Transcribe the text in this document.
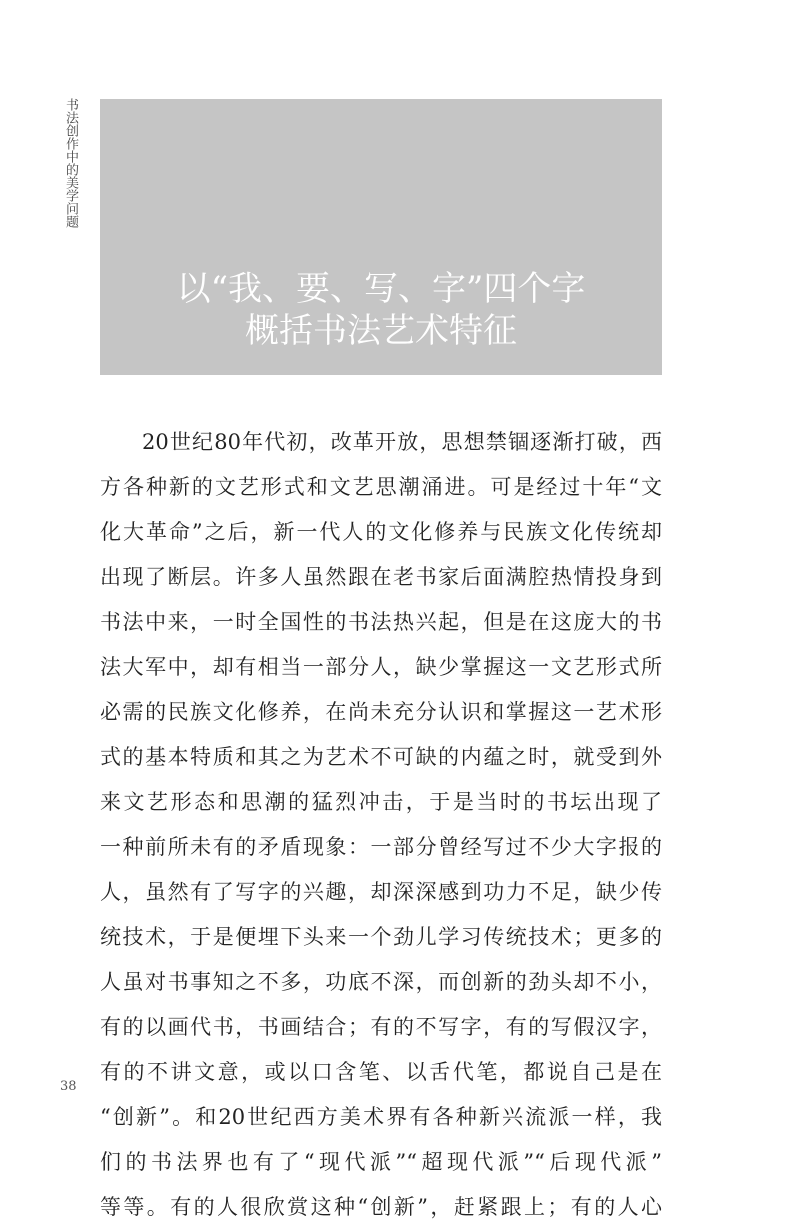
书法创作中的美学问题
以“我、要、写、字”四个字
概括书法艺术特征
20世纪80年代初，改革开放，思想禁锢逐渐打破，西
方各种新的文艺形式和文艺思潮涌进。可是经过十年“文
化大革命”之后，新一代人的文化修养与民族文化传统却
出现了断层。许多人虽然跟在老书家后面满腔热情投身到
书法中来，一时全国性的书法热兴起，但是在这庞大的书
法大军中，却有相当一部分人，缺少掌握这一文艺形式所
必需的民族文化修养，在尚未充分认识和掌握这一艺术形
式的基本特质和其之为艺术不可缺的内蕴之时，就受到外
来文艺形态和思潮的猛烈冲击，于是当时的书坛出现了
一种前所未有的矛盾现象：一部分曾经写过不少大字报的
人，虽然有了写字的兴趣，却深深感到功力不足，缺少传
统技术，于是便埋下头来一个劲儿学习传统技术；更多的
人虽对书事知之不多，功底不深，而创新的劲头却不小，
有的以画代书，书画结合；有的不写字，有的写假汉字，
有的不讲文意，或以口含笔、以舌代笔，都说自己是在
“创新”。和20世纪西方美术界有各种新兴流派一样，我
们的书法界也有了“现代派”“超现代派”“后现代派”
等等。有的人很欣赏这种“创新”，赶紧跟上；有的人心
38
